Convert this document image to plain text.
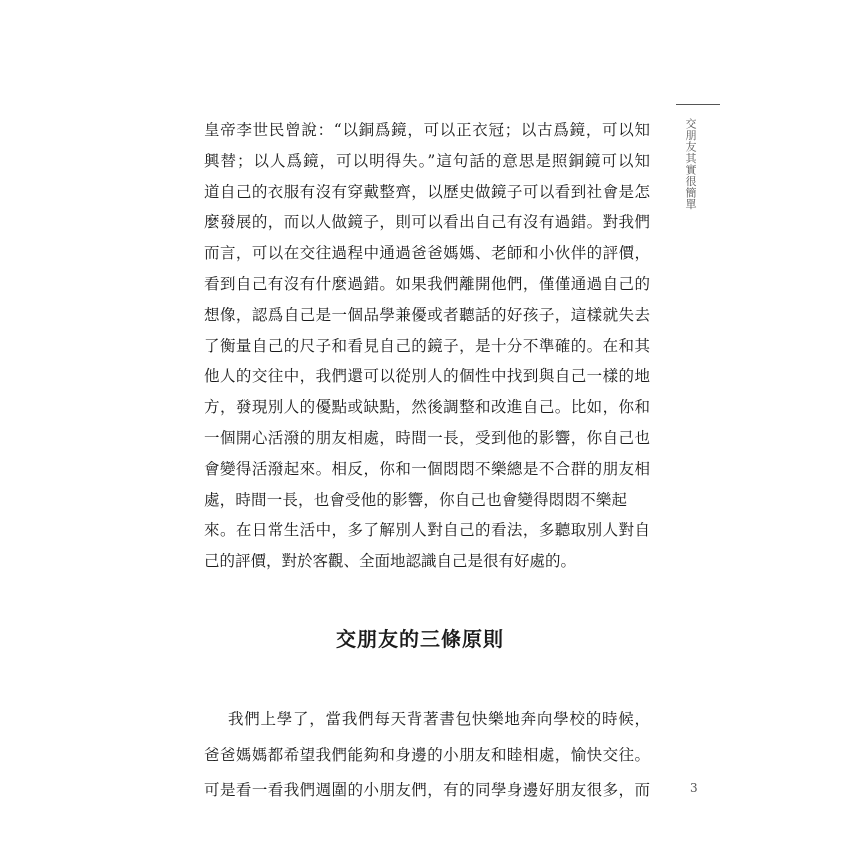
交朋友其實很簡單
皇帝李世民曾說：“以銅爲鏡，可以正衣冠；以古爲鏡，可以知
興替；以人爲鏡，可以明得失。”這句話的意思是照銅鏡可以知
道自己的衣服有沒有穿戴整齊，以歷史做鏡子可以看到社會是怎
麼發展的，而以人做鏡子，則可以看出自己有沒有過錯。對我們
而言，可以在交往過程中通過爸爸媽媽、老師和小伙伴的評價，
看到自己有沒有什麼過錯。如果我們離開他們，僅僅通過自己的
想像，認爲自己是一個品學兼優或者聽話的好孩子，這樣就失去
了衡量自己的尺子和看見自己的鏡子，是十分不準確的。在和其
他人的交往中，我們還可以從別人的個性中找到與自己一樣的地
方，發現別人的優點或缺點，然後調整和改進自己。比如，你和
一個開心活潑的朋友相處，時間一長，受到他的影響，你自己也
會變得活潑起來。相反，你和一個悶悶不樂總是不合群的朋友相
處，時間一長，也會受他的影響，你自己也會變得悶悶不樂起
來。在日常生活中，多了解別人對自己的看法，多聽取別人對自
己的評價，對於客觀、全面地認識自己是很有好處的。
交朋友的三條原則
我們上學了，當我們每天背著書包快樂地奔向學校的時候，
爸爸媽媽都希望我們能夠和身邊的小朋友和睦相處，愉快交往。
可是看一看我們週圍的小朋友們，有的同學身邊好朋友很多，而	3
